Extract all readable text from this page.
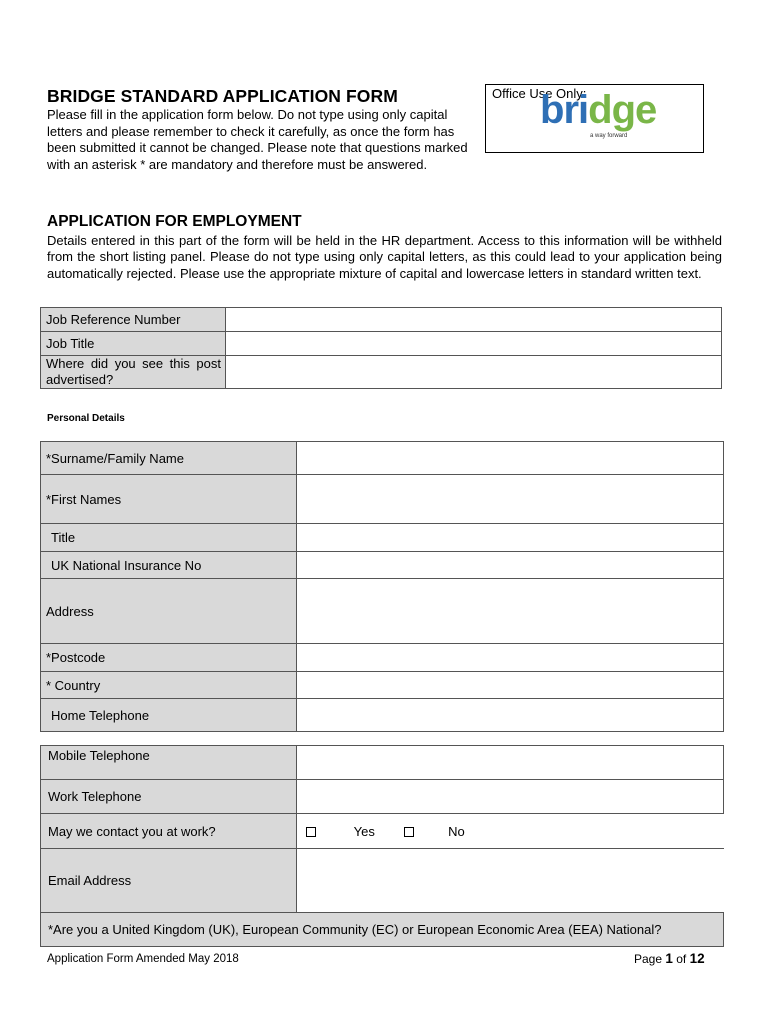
BRIDGE STANDARD APPLICATION FORM
Please fill in the application form below. Do not type using only capital letters and please remember to check it carefully, as once the form has been submitted it cannot be changed. Please note that questions marked with an asterisk * are mandatory and therefore must be answered.
Office Use Only:
bridge
a way forward
APPLICATION FOR EMPLOYMENT
Details entered in this part of the form will be held in the HR department. Access to this information will be withheld from the short listing panel. Please do not type using only capital letters, as this could lead to your application being automatically rejected. Please use the appropriate mixture of capital and lowercase letters in standard written text.
Job Reference Number	
Job Title	
Where did you see this post advertised?	
Personal Details
*Surname/Family Name	
*First Names	
Title	
UK National Insurance No	
Address	
*Postcode	
* Country	
Home Telephone	
Mobile Telephone	
Work Telephone	
May we contact you at work?	Yes No
Email Address	
*Are you a United Kingdom (UK), European Community (EC) or European Economic Area (EEA) National?	
Application Form Amended May 2018	Page 1 of 12
